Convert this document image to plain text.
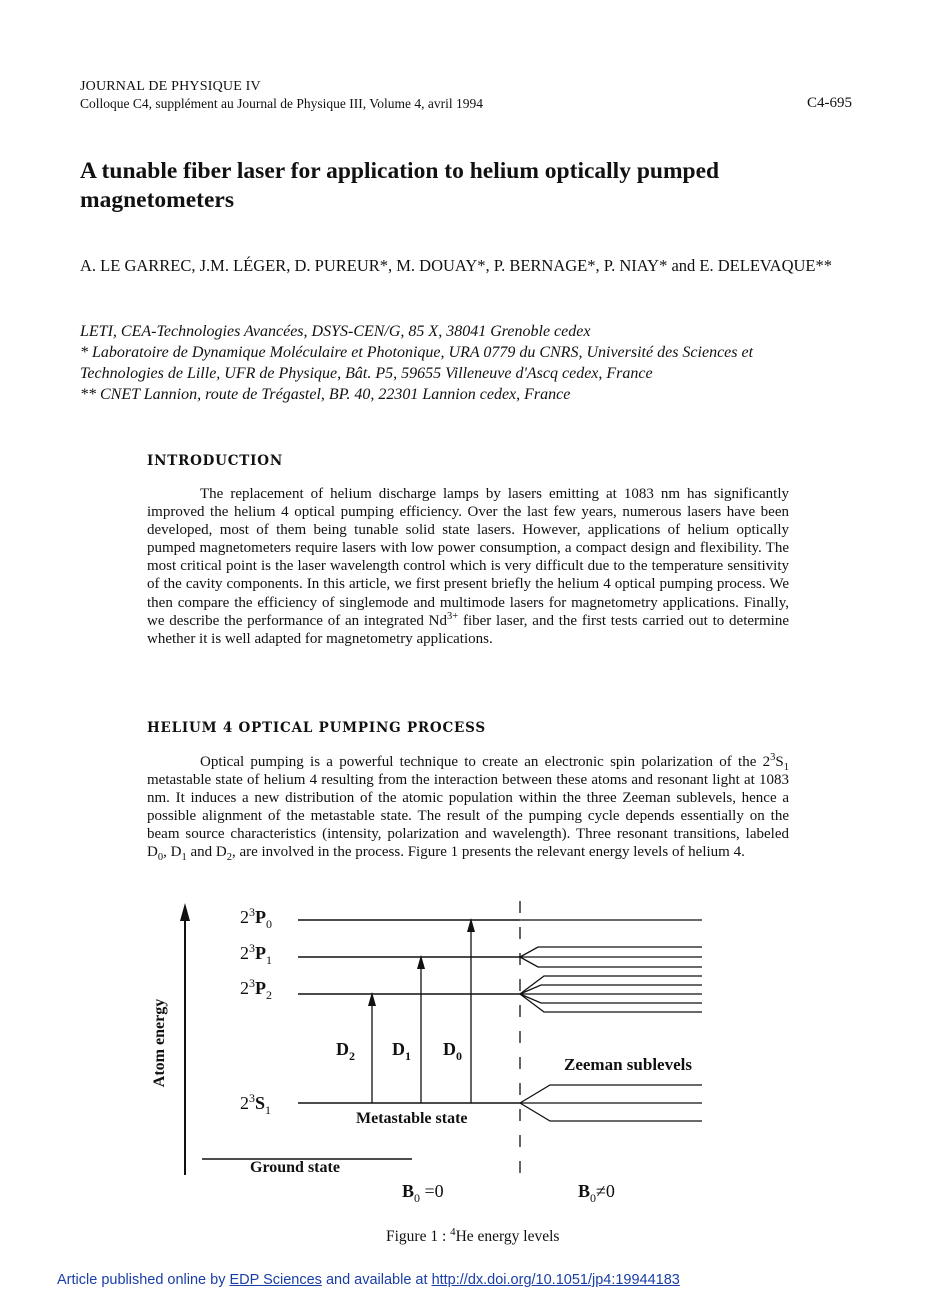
JOURNAL DE PHYSIQUE IV
Colloque C4, supplément au Journal de Physique III, Volume 4, avril 1994	C4-695
A tunable fiber laser for application to helium optically pumped magnetometers
A. LE GARREC, J.M. LÉGER, D. PUREUR*, M. DOUAY*, P. BERNAGE*, P. NIAY* and E. DELEVAQUE**
LETI, CEA-Technologies Avancées, DSYS-CEN/G, 85 X, 38041 Grenoble cedex
* Laboratoire de Dynamique Moléculaire et Photonique, URA 0779 du CNRS, Université des Sciences et
Technologies de Lille, UFR de Physique, Bât. P5, 59655 Villeneuve d'Ascq cedex, France
** CNET Lannion, route de Trégastel, BP. 40, 22301 Lannion cedex, France
INTRODUCTION

The replacement of helium discharge lamps by lasers emitting at 1083 nm has significantly improved the helium 4 optical pumping efficiency. Over the last few years, numerous lasers have been developed, most of them being tunable solid state lasers. However, applications of helium optically pumped magnetometers require lasers with low power consumption, a compact design and flexibility. The most critical point is the laser wavelength control which is very difficult due to the temperature sensitivity of the cavity components. In this article, we first present briefly the helium 4 optical pumping process. We then compare the efficiency of singlemode and multimode lasers for magnetometry applications. Finally, we describe the performance of an integrated $Nd^{3+}$ fiber laser, and the first tests carried out to determine whether it is well adapted for magnetometry applications.

HELIUM 4 OPTICAL PUMPING PROCESS

Optical pumping is a powerful technique to create an electronic spin polarization of the $2^3S_1$ metastable state of helium 4 resulting from the interaction between these atoms and resonant light at 1083 nm. It induces a new distribution of the atomic population within the three Zeeman sublevels, hence a possible alignment of the metastable state. The result of the pumping cycle depends essentially on the beam source characteristics (intensity, polarization and wavelength). Three resonant transitions, labeled $D_0$, $D_1$ and $D_2$, are involved in the process. Figure 1 presents the relevant energy levels of helium 4.

Atom energy
$2^3P_0$
$2^3P_1$
$2^3P_2$
$2^3S_1$
$D_2$ $D_1$ $D_0$	Zeeman sublevels
Metastable state
Ground state
$B_0 =0$	$B_0\ne 0$
Figure 1 : $^4$He energy levels
Article published online by EDP Sciences and available at http://dx.doi.org/10.1051/jp4:19944183
